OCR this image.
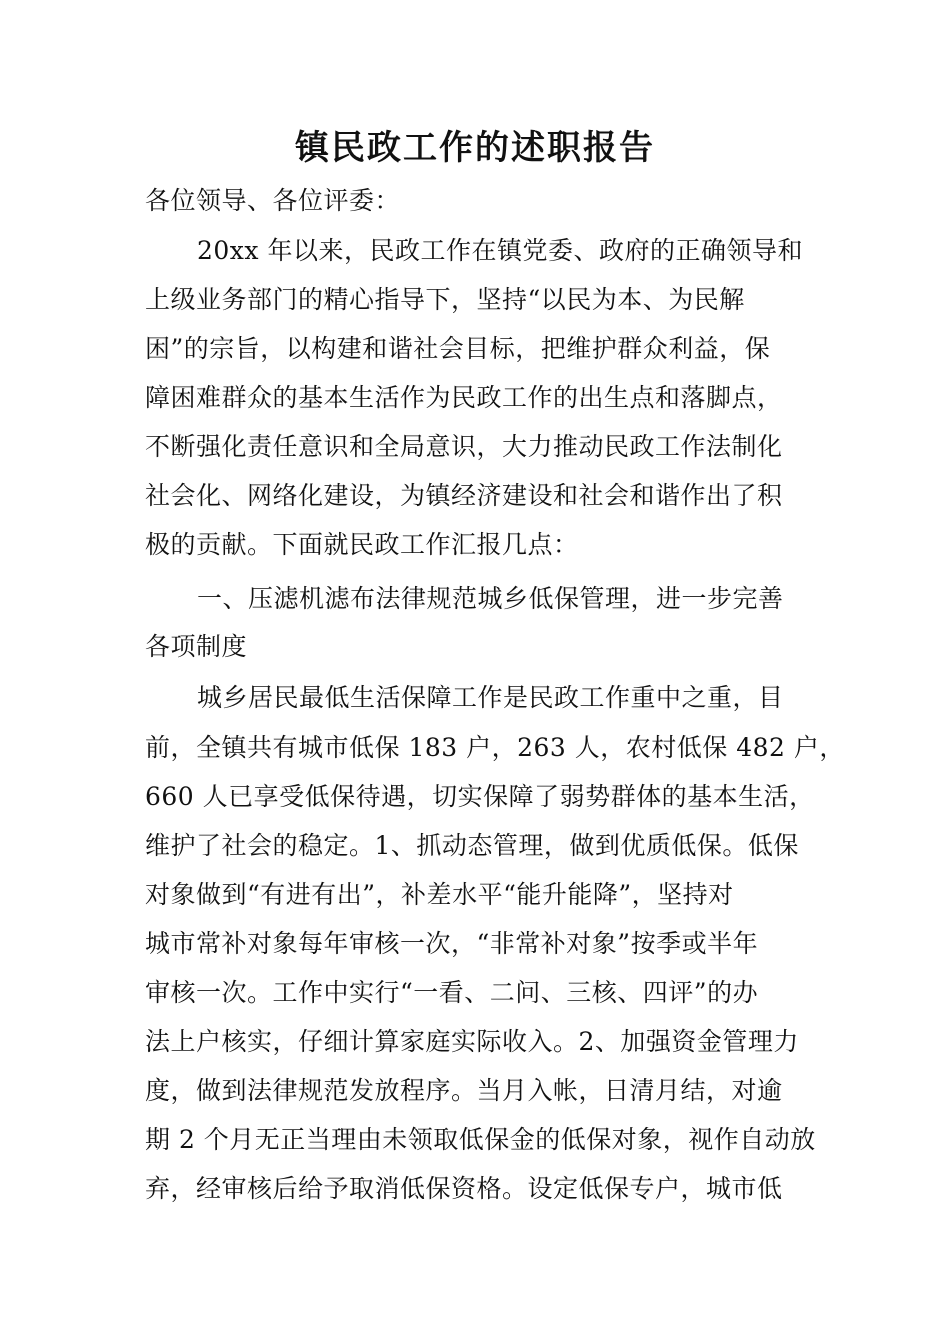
镇民政工作的述职报告
各位领导、各位评委：
20xx 年以来，民政工作在镇党委、政府的正确领导和
上级业务部门的精心指导下，坚持“以民为本、为民解
困”的宗旨，以构建和谐社会目标，把维护群众利益，保
障困难群众的基本生活作为民政工作的出生点和落脚点，
不断强化责任意识和全局意识，大力推动民政工作法制化
社会化、网络化建设，为镇经济建设和社会和谐作出了积
极的贡献。下面就民政工作汇报几点：
一、压滤机滤布法律规范城乡低保管理，进一步完善
各项制度
城乡居民最低生活保障工作是民政工作重中之重，目
前，全镇共有城市低保 183 户，263 人，农村低保 482 户，
660 人已享受低保待遇，切实保障了弱势群体的基本生活，
维护了社会的稳定。1、抓动态管理，做到优质低保。低保
对象做到“有进有出”，补差水平“能升能降”，坚持对
城市常补对象每年审核一次，“非常补对象”按季或半年
审核一次。工作中实行“一看、二问、三核、四评”的办
法上户核实，仔细计算家庭实际收入。2、加强资金管理力
度，做到法律规范发放程序。当月入帐，日清月结，对逾
期 2 个月无正当理由未领取低保金的低保对象，视作自动放
弃，经审核后给予取消低保资格。设定低保专户，城市低
